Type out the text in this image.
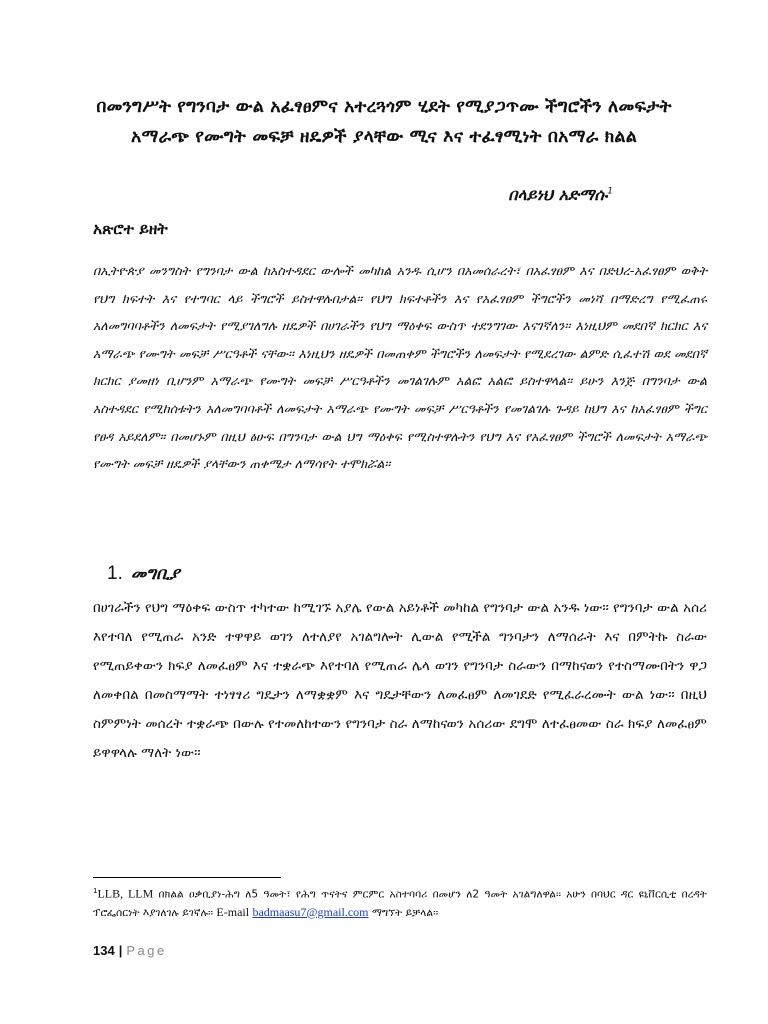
በመንግሥት የግንባታ ውል አፈፃፀምና አተረጓጎም ሂደት የሚያጋጥሙ ችግሮችን ለመፍታት አማራጭ የሙግት መፍቻ ዘዴዎች ያላቸው ሚና እና ተፈፃሚነት በአማራ ክልል
በላይነህ አድማሱ$^1$
አጽሮተ ይዘት
በኢትዮጵያ መንግስት የግንባታ ውል ከአስተዳደር ውሎች መካከል አንዱ ሲሆን በአመሰራረት፣ በአፈፃፀም እና በድህረ-አፈፃፀም ወቅት የህግ ክፍተት እና የተግባር ላይ ችግሮች ይስተዋሉበታል፡፡ የህግ ክፍተቶችን እና የአፈፃፀም ችግሮችን መነሻ በማድረግ የሚፈጠሩ አለመግባባቶችን ለመፍታት የሚያገለግሉ ዘዴዎች በሀገራችን የህግ ማዕቀፍ ውስጥ ተደንግገው እናገኛለን፡፡ እነዚህም መደበኛ ክርክር እና አማራጭ የሙግት መፍቻ ሥርዓቶች ናቸው፡፡ እነዚህን ዘዴዎች በመጠቀም ችግሮችን ለመፍታት የሚደረገው ልምድ ሲፈተሽ ወደ መደበኛ ክርክር ያመዘነ ቢሆንም አማራጭ የሙግት መፍቻ ሥርዓቶችን መገልገሉም አልፎ አልፎ ይስተዋላል፡፡ ይሁን እንጅ በግንባታ ውል አስተዳደር የሚከሰቱትን አለመግባባቶች ለመፍታት አማራጭ የሙግት መፍቻ ሥርዓቶችን የመገልገሉ ጉዳይ ከህግ እና ከአፈፃፀም ችግር የፀዳ አይደለም፡፡ በመሆኑም በዚህ ፅሁፍ በግንባታ ውል ህግ ማዕቀፍ የሚስተዋሉትን የህግ እና የአፈፃፀም ችግሮች ለመፍታት አማራጭ የሙግት መፍቻ ዘዴዎች ያላቸውን ጠቀሜታ ለማሳየት ተሞክሯል፡፡
1. መግቢያ
በሀገራችን የህግ ማዕቀፍ ውስጥ ተካተው ከሚገኙ አያሌ የውል አይነቶች መካከል የግንባታ ውል አንዱ ነው፡፡ የግንባታ ውል አሰሪ እየተባለ የሚጠራ አንድ ተዋዋይ ወገን ለተለያየ አገልግሎት ሊውል የሚችል ግንባታን ለማሰራት እና በምትኩ ስራው የሚጠይቀውን ክፍያ ለመፈፀም እና ተቋራጭ እየተባለ የሚጠራ ሌላ ወገን የግንባታ ስራውን በማከናወን የተስማሙበትን ዋጋ ለመቀበል በመስማማት ተነፃፃሪ ግዴታን ለማቋቋም እና ግዴታቸውን ለመፈፀም ለመገደድ የሚፈራረሙት ውል ነው፡፡ በዚህ ስምምነት መሰረት ተቋራጭ በውሉ የተመለከተውን የግንባታ ስራ ለማከናወን አሰሪው ደግሞ ለተፈፀመው ስራ ክፍያ ለመፈፀም ይዋዋላሉ ማለት ነው፡፡
$^1$LLB, LLM በክልል ዐቃቢያነ-ሕግ ለ5 ዓመት፣ የሕግ ጥናትና ምርምር አስተባባሪ በመሆን ለ2 ዓመት አገልግለዋል፡፡ አሁን በባህር ዳር ዩኒቨርሲቲ በረዳት ፕሮፌሰርነት እያገለገሉ ይገኛሉ፡፡ E-mail badmaasu7@gmail.com ማግኘት ይቻላል፡፡
134 | Page
